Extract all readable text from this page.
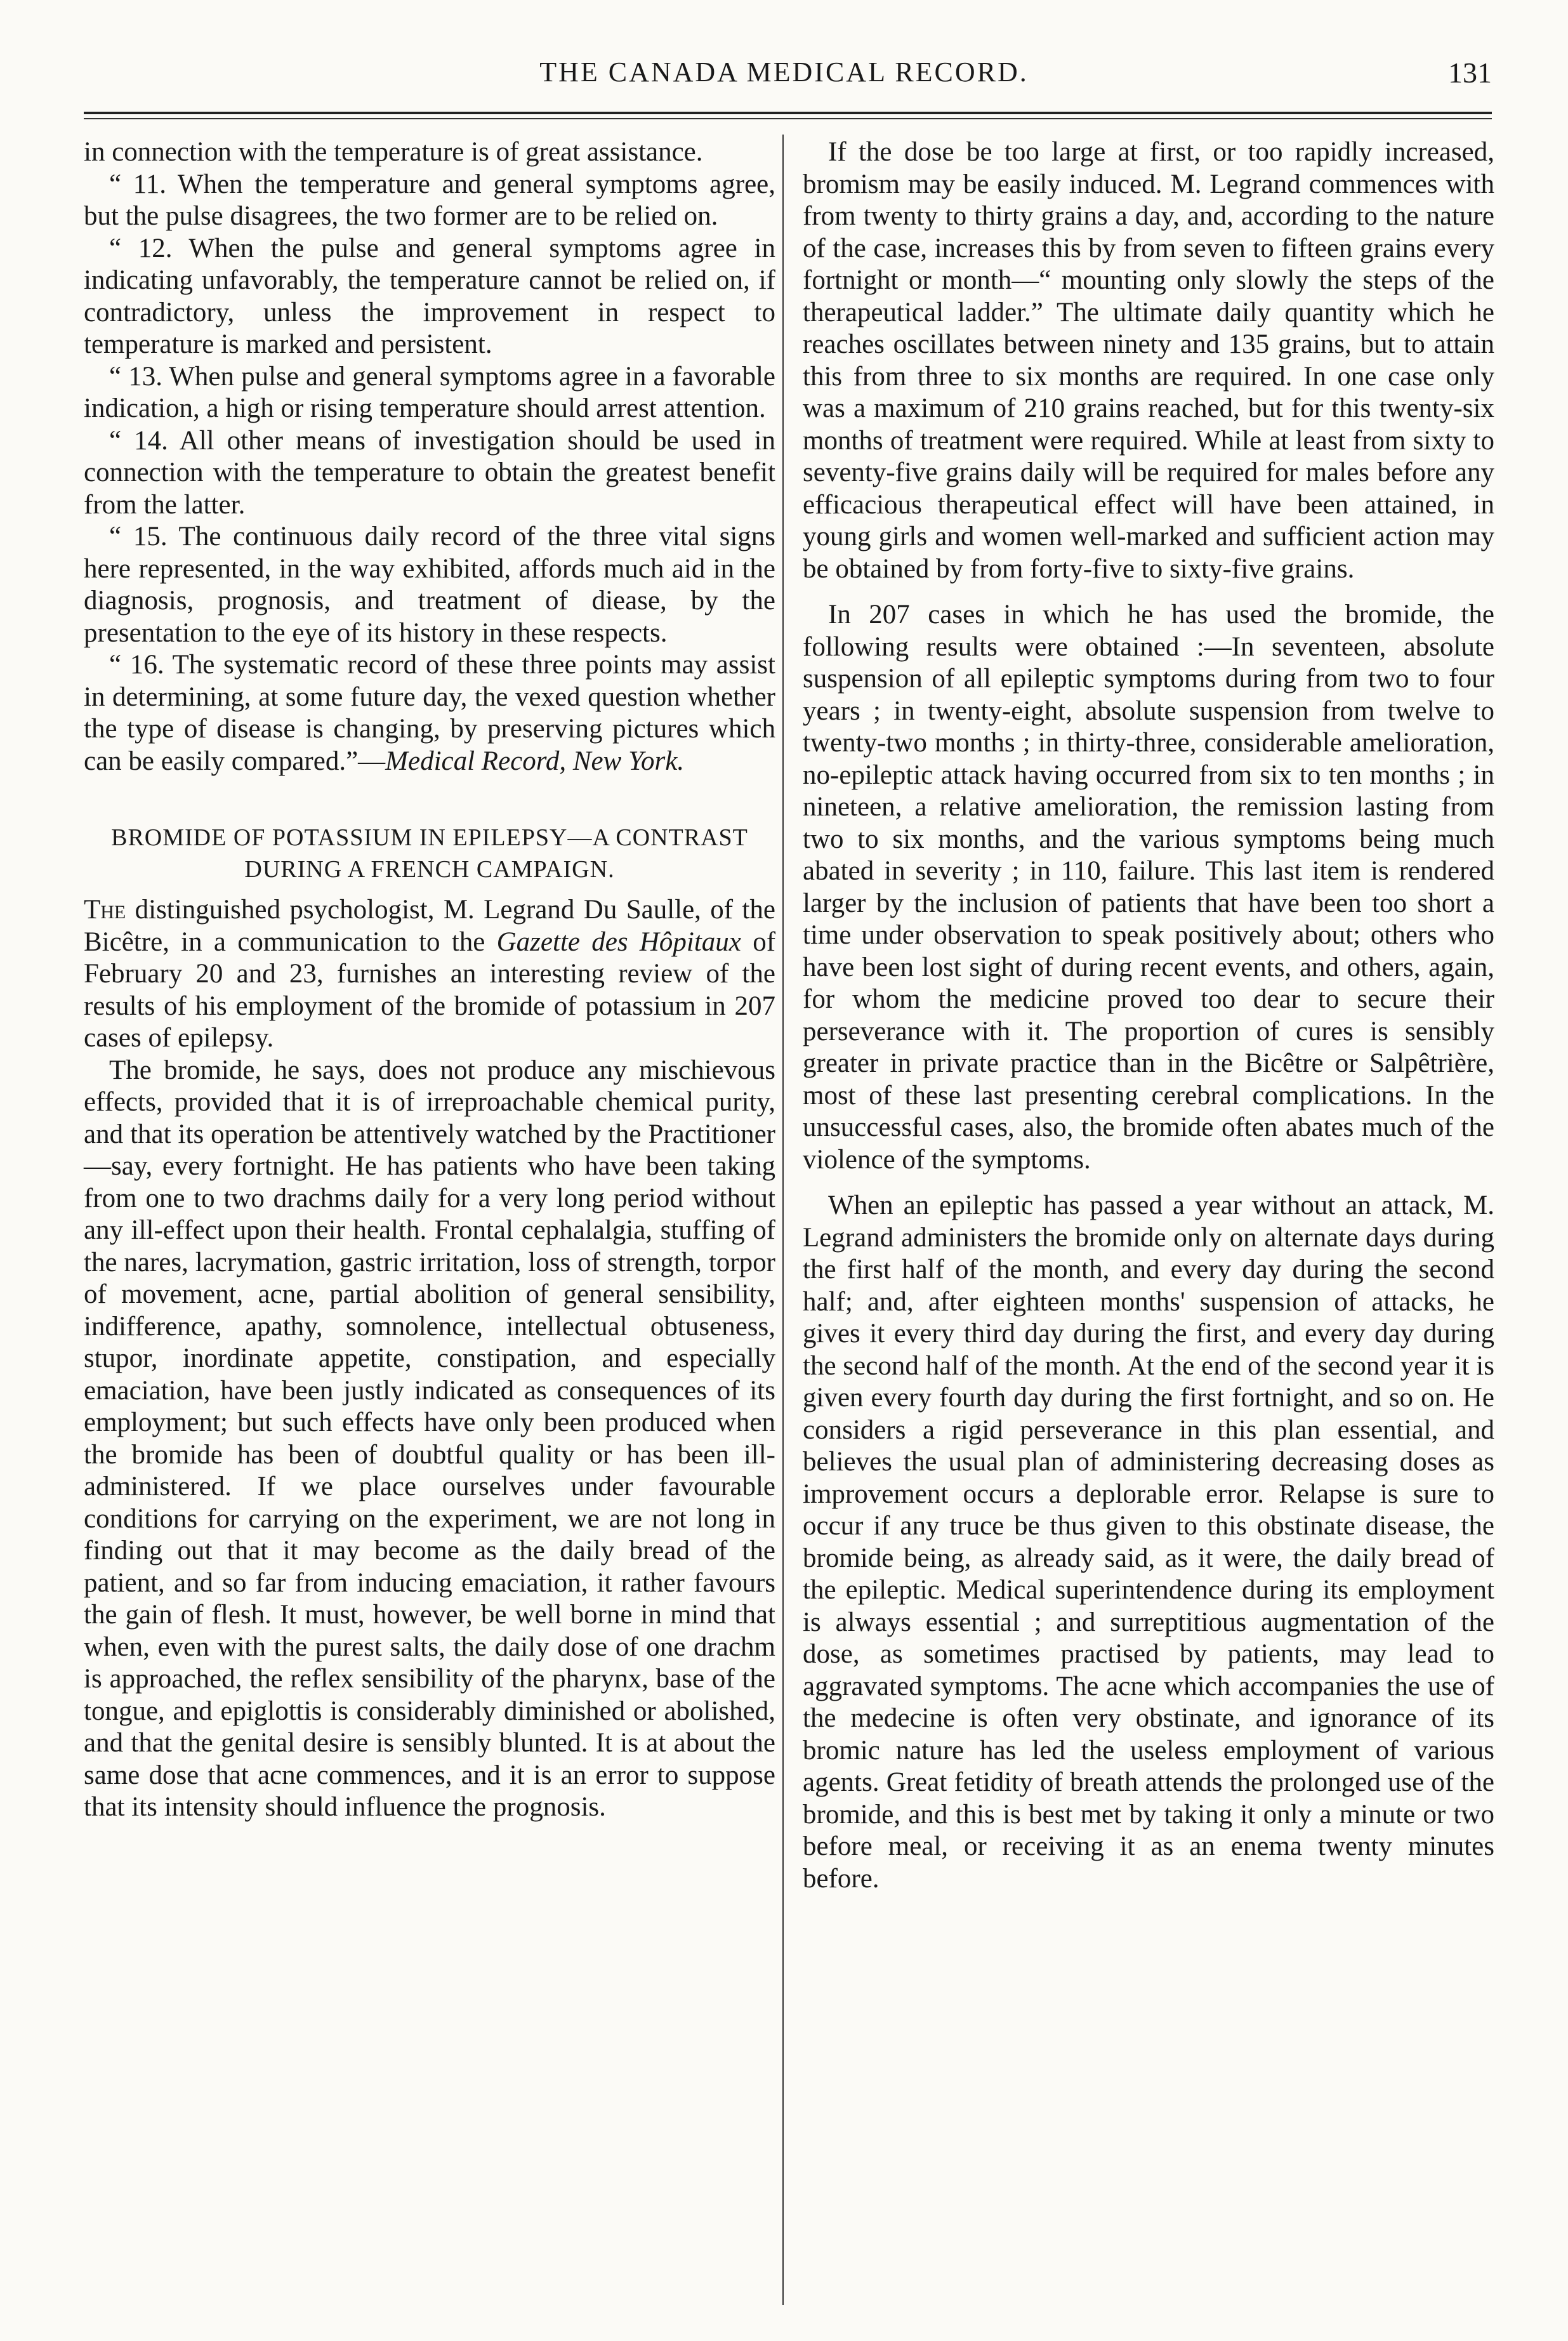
THE CANADA MEDICAL RECORD.	131

in connection with the temperature is of great assistance.

“ 11. When the temperature and general symptoms agree, but the pulse disagrees, the two former are to be relied on.

“ 12. When the pulse and general symptoms agree in indicating unfavorably, the temperature cannot be relied on, if contradictory, unless the improvement in respect to temperature is marked and persistent.

“ 13. When pulse and general symptoms agree in a favorable indication, a high or rising temperature should arrest attention.

“ 14. All other means of investigation should be used in connection with the temperature to obtain the greatest benefit from the latter.

“ 15. The continuous daily record of the three vital signs here represented, in the way exhibited, affords much aid in the diagnosis, prognosis, and treatment of diease, by the presentation to the eye of its history in these respects.

“ 16. The systematic record of these three points may assist in determining, at some future day, the vexed question whether the type of disease is changing, by preserving pictures which can be easily compared.”—Medical Record, New York.

BROMIDE OF POTASSIUM IN EPILEPSY—A CONTRAST DURING A FRENCH CAMPAIGN.

The distinguished psychologist, M. Legrand Du Saulle, of the Bicêtre, in a communication to the Gazette des Hôpitaux of February 20 and 23, furnishes an interesting review of the results of his employment of the bromide of potassium in 207 cases of epilepsy.

The bromide, he says, does not produce any mischievous effects, provided that it is of irreproachable chemical purity, and that its operation be attentively watched by the Practitioner—say, every fortnight. He has patients who have been taking from one to two drachms daily for a very long period without any ill-effect upon their health. Frontal cephalalgia, stuffing of the nares, lacrymation, gastric irritation, loss of strength, torpor of movement, acne, partial abolition of general sensibility, indifference, apathy, somnolence, intellectual obtuseness, stupor, inordinate appetite, constipation, and especially emaciation, have been justly indicated as consequences of its employment; but such effects have only been produced when the bromide has been of doubtful quality or has been ill-administered. If we place ourselves under favourable conditions for carrying on the experiment, we are not long in finding out that it may become as the daily bread of the patient, and so far from inducing emaciation, it rather favours the gain of flesh. It must, however, be well borne in mind that when, even with the purest salts, the daily dose of one drachm is approached, the reflex sensibility of the pharynx, base of the tongue, and epiglottis is considerably diminished or abolished, and that the genital desire is sensibly blunted. It is at about the same dose that acne commences, and it is an error to suppose that its intensity should influence the prognosis.

If the dose be too large at first, or too rapidly increased, bromism may be easily induced. M. Legrand commences with from twenty to thirty grains a day, and, according to the nature of the case, increases this by from seven to fifteen grains every fortnight or month—“ mounting only slowly the steps of the therapeutical ladder.” The ultimate daily quantity which he reaches oscillates between ninety and 135 grains, but to attain this from three to six months are required. In one case only was a maximum of 210 grains reached, but for this twenty-six months of treatment were required. While at least from sixty to seventy-five grains daily will be required for males before any efficacious therapeutical effect will have been attained, in young girls and women well-marked and sufficient action may be obtained by from forty-five to sixty-five grains.

In 207 cases in which he has used the bromide, the following results were obtained :—In seventeen, absolute suspension of all epileptic symptoms during from two to four years ; in twenty-eight, absolute suspension from twelve to twenty-two months ; in thirty-three, considerable amelioration, no-epileptic attack having occurred from six to ten months ; in nineteen, a relative amelioration, the remission lasting from two to six months, and the various symptoms being much abated in severity ; in 110, failure. This last item is rendered larger by the inclusion of patients that have been too short a time under observation to speak positively about; others who have been lost sight of during recent events, and others, again, for whom the medicine proved too dear to secure their perseverance with it. The proportion of cures is sensibly greater in private practice than in the Bicêtre or Salpêtrière, most of these last presenting cerebral complications. In the unsuccessful cases, also, the bromide often abates much of the violence of the symptoms.

When an epileptic has passed a year without an attack, M. Legrand administers the bromide only on alternate days during the first half of the month, and every day during the second half; and, after eighteen months' suspension of attacks, he gives it every third day during the first, and every day during the second half of the month. At the end of the second year it is given every fourth day during the first fortnight, and so on. He considers a rigid perseverance in this plan essential, and believes the usual plan of administering decreasing doses as improvement occurs a deplorable error. Relapse is sure to occur if any truce be thus given to this obstinate disease, the bromide being, as already said, as it were, the daily bread of the epileptic. Medical superintendence during its employment is always essential ; and surreptitious augmentation of the dose, as sometimes practised by patients, may lead to aggravated symptoms. The acne which accompanies the use of the medecine is often very obstinate, and ignorance of its bromic nature has led the useless employment of various agents. Great fetidity of breath attends the prolonged use of the bromide, and this is best met by taking it only a minute or two before meal, or receiving it as an enema twenty minutes before.
